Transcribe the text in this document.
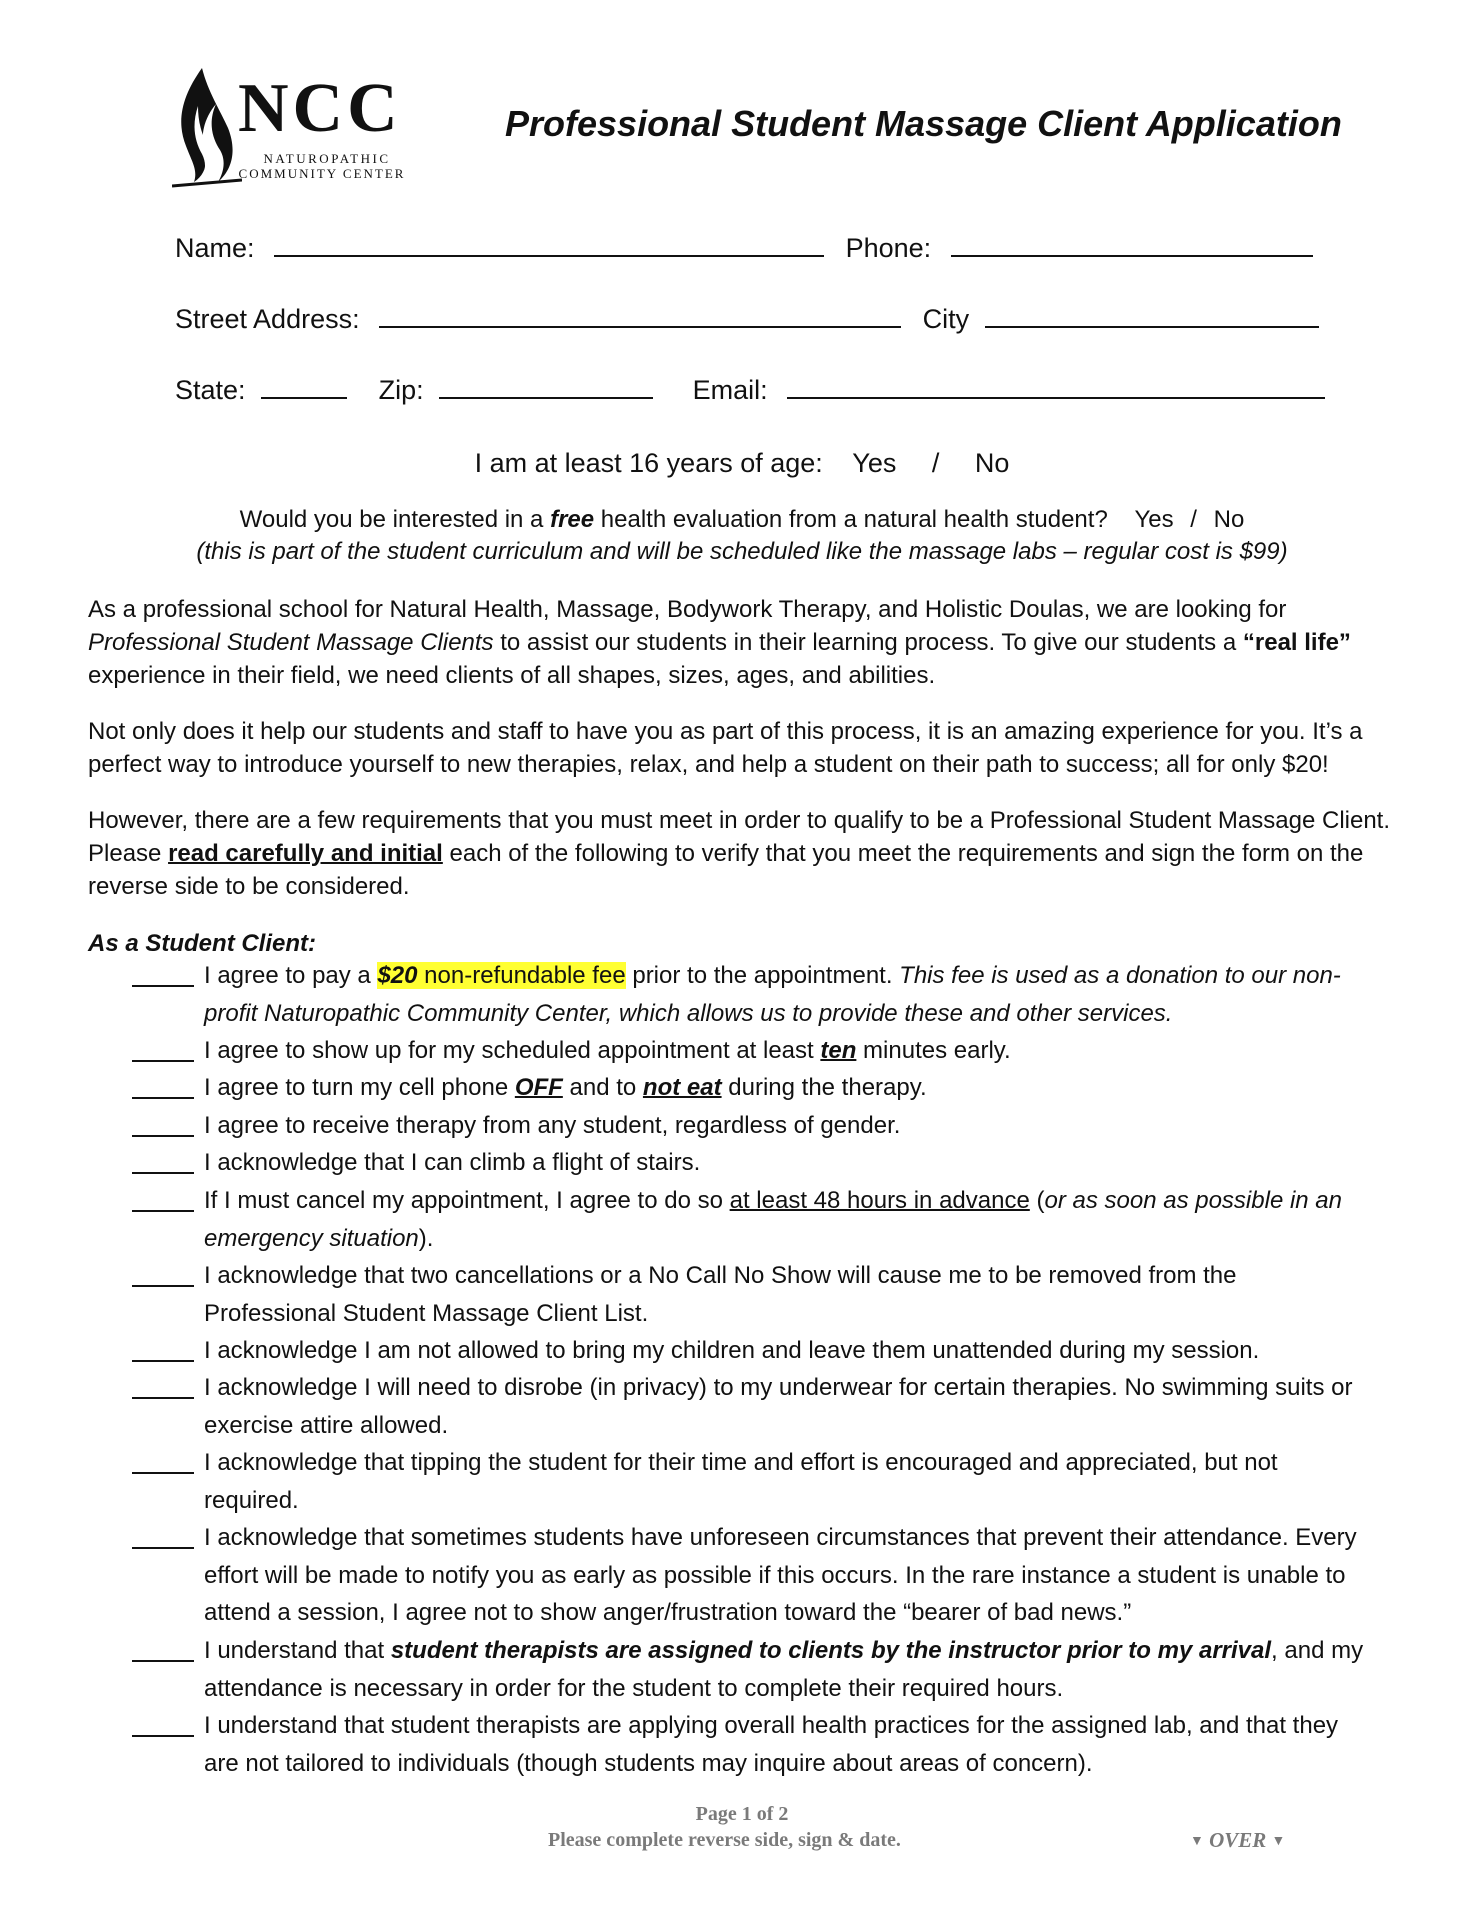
NCC
NATUROPATHIC
COMMUNITY CENTER
Professional Student Massage Client Application
Name:	Phone:
Street Address:	City
State:	Zip:	Email:
I am at least 16 years of age: Yes / No
Would you be interested in a free health evaluation from a natural health student? Yes / No
(this is part of the student curriculum and will be scheduled like the massage labs – regular cost is $99)
As a professional school for Natural Health, Massage, Bodywork Therapy, and Holistic Doulas, we are looking for Professional Student Massage Clients to assist our students in their learning process. To give our students a “real life” experience in their field, we need clients of all shapes, sizes, ages, and abilities.
Not only does it help our students and staff to have you as part of this process, it is an amazing experience for you. It’s a perfect way to introduce yourself to new therapies, relax, and help a student on their path to success; all for only $20!
However, there are a few requirements that you must meet in order to qualify to be a Professional Student Massage Client. Please read carefully and initial each of the following to verify that you meet the requirements and sign the form on the reverse side to be considered.
As a Student Client:
I agree to pay a $20 non-refundable fee prior to the appointment. This fee is used as a donation to our non-profit Naturopathic Community Center, which allows us to provide these and other services.
I agree to show up for my scheduled appointment at least ten minutes early.
I agree to turn my cell phone OFF and to not eat during the therapy.
I agree to receive therapy from any student, regardless of gender.
I acknowledge that I can climb a flight of stairs.
If I must cancel my appointment, I agree to do so at least 48 hours in advance (or as soon as possible in an emergency situation).
I acknowledge that two cancellations or a No Call No Show will cause me to be removed from the Professional Student Massage Client List.
I acknowledge I am not allowed to bring my children and leave them unattended during my session.
I acknowledge I will need to disrobe (in privacy) to my underwear for certain therapies. No swimming suits or exercise attire allowed.
I acknowledge that tipping the student for their time and effort is encouraged and appreciated, but not required.
I acknowledge that sometimes students have unforeseen circumstances that prevent their attendance. Every effort will be made to notify you as early as possible if this occurs. In the rare instance a student is unable to attend a session, I agree not to show anger/frustration toward the “bearer of bad news.”
I understand that student therapists are assigned to clients by the instructor prior to my arrival, and my attendance is necessary in order for the student to complete their required hours.
I understand that student therapists are applying overall health practices for the assigned lab, and that they are not tailored to individuals (though students may inquire about areas of concern).
Page 1 of 2
Please complete reverse side, sign & date.	▼ OVER ▼
